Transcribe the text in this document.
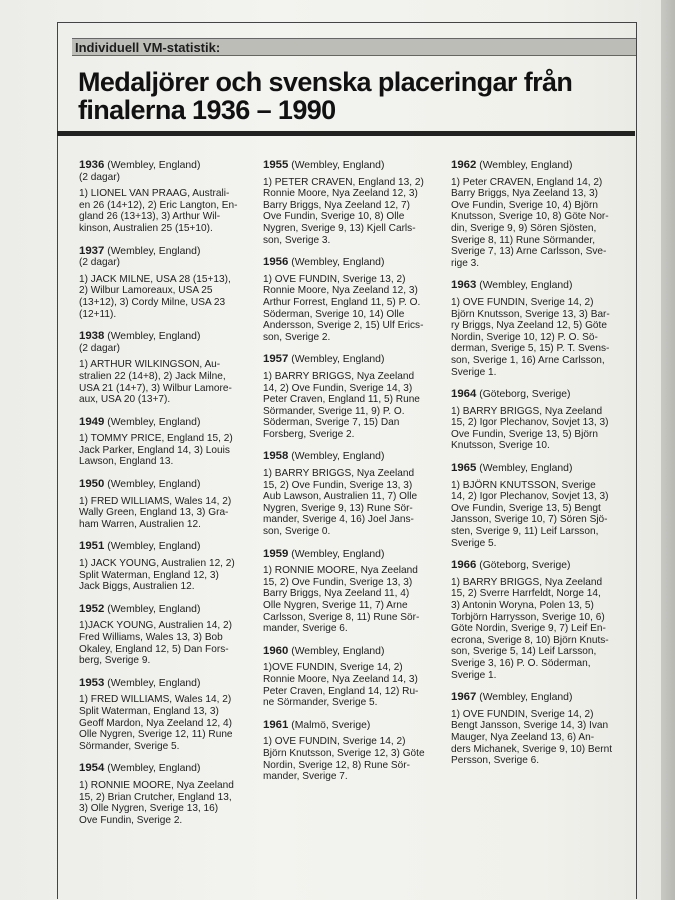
Individuell VM-statistik:
Medaljörer och svenska placeringar från
finalerna 1936 – 1990
1936 (Wembley, England)
(2 dagar)
1) LIONEL VAN PRAAG, Australi-
en 26 (14+12), 2) Eric Langton, En-
gland 26 (13+13), 3) Arthur Wil-
kinson, Australien 25 (15+10).
1937 (Wembley, England)
(2 dagar)
1) JACK MILNE, USA 28 (15+13),
2) Wilbur Lamoreaux, USA 25
(13+12), 3) Cordy Milne, USA 23
(12+11).
1938 (Wembley, England)
(2 dagar)
1) ARTHUR WILKINGSON, Au-
stralien 22 (14+8), 2) Jack Milne,
USA 21 (14+7), 3) Wilbur Lamore-
aux, USA 20 (13+7).
1949 (Wembley, England)
1) TOMMY PRICE, England 15, 2)
Jack Parker, England 14, 3) Louis
Lawson, England 13.
1950 (Wembley, England)
1) FRED WILLIAMS, Wales 14, 2)
Wally Green, England 13, 3) Gra-
ham Warren, Australien 12.
1951 (Wembley, England)
1) JACK YOUNG, Australien 12, 2)
Split Waterman, England 12, 3)
Jack Biggs, Australien 12.
1952 (Wembley, England)
1)JACK YOUNG, Australien 14, 2)
Fred Williams, Wales 13, 3) Bob
Okaley, England 12, 5) Dan Fors-
berg, Sverige 9.
1953 (Wembley, England)
1) FRED WILLIAMS, Wales 14, 2)
Split Waterman, England 13, 3)
Geoff Mardon, Nya Zeeland 12, 4)
Olle Nygren, Sverige 12, 11) Rune
Sörmander, Sverige 5.
1954 (Wembley, England)
1) RONNIE MOORE, Nya Zeeland
15, 2) Brian Crutcher, England 13,
3) Olle Nygren, Sverige 13, 16)
Ove Fundin, Sverige 2.
1955 (Wembley, England)
1) PETER CRAVEN, England 13, 2)
Ronnie Moore, Nya Zeeland 12, 3)
Barry Briggs, Nya Zeeland 12, 7)
Ove Fundin, Sverige 10, 8) Olle
Nygren, Sverige 9, 13) Kjell Carls-
son, Sverige 3.
1956 (Wembley, England)
1) OVE FUNDIN, Sverige 13, 2)
Ronnie Moore, Nya Zeeland 12, 3)
Arthur Forrest, England 11, 5) P. O.
Söderman, Sverige 10, 14) Olle
Andersson, Sverige 2, 15) Ulf Erics-
son, Sverige 2.
1957 (Wembley, England)
1) BARRY BRIGGS, Nya Zeeland
14, 2) Ove Fundin, Sverige 14, 3)
Peter Craven, England 11, 5) Rune
Sörmander, Sverige 11, 9) P. O.
Söderman, Sverige 7, 15) Dan
Forsberg, Sverige 2.
1958 (Wembley, England)
1) BARRY BRIGGS, Nya Zeeland
15, 2) Ove Fundin, Sverige 13, 3)
Aub Lawson, Australien 11, 7) Olle
Nygren, Sverige 9, 13) Rune Sör-
mander, Sverige 4, 16) Joel Jans-
son, Sverige 0.
1959 (Wembley, England)
1) RONNIE MOORE, Nya Zeeland
15, 2) Ove Fundin, Sverige 13, 3)
Barry Briggs, Nya Zeeland 11, 4)
Olle Nygren, Sverige 11, 7) Arne
Carlsson, Sverige 8, 11) Rune Sör-
mander, Sverige 6.
1960 (Wembley, England)
1)OVE FUNDIN, Sverige 14, 2)
Ronnie Moore, Nya Zeeland 14, 3)
Peter Craven, England 14, 12) Ru-
ne Sörmander, Sverige 5.
1961 (Malmö, Sverige)
1) OVE FUNDIN, Sverige 14, 2)
Björn Knutsson, Sverige 12, 3) Göte
Nordin, Sverige 12, 8) Rune Sör-
mander, Sverige 7.
1962 (Wembley, England)
1) Peter CRAVEN, England 14, 2)
Barry Briggs, Nya Zeeland 13, 3)
Ove Fundin, Sverige 10, 4) Björn
Knutsson, Sverige 10, 8) Göte Nor-
din, Sverige 9, 9) Sören Sjösten,
Sverige 8, 11) Rune Sörmander,
Sverige 7, 13) Arne Carlsson, Sve-
rige 3.
1963 (Wembley, England)
1) OVE FUNDIN, Sverige 14, 2)
Björn Knutsson, Sverige 13, 3) Bar-
ry Briggs, Nya Zeeland 12, 5) Göte
Nordin, Sverige 10, 12) P. O. Sö-
derman, Sverige 5, 15) P. T. Svens-
son, Sverige 1, 16) Arne Carlsson,
Sverige 1.
1964 (Göteborg, Sverige)
1) BARRY BRIGGS, Nya Zeeland
15, 2) Igor Plechanov, Sovjet 13, 3)
Ove Fundin, Sverige 13, 5) Björn
Knutsson, Sverige 10.
1965 (Wembley, England)
1) BJÖRN KNUTSSON, Sverige
14, 2) Igor Plechanov, Sovjet 13, 3)
Ove Fundin, Sverige 13, 5) Bengt
Jansson, Sverige 10, 7) Sören Sjö-
sten, Sverige 9, 11) Leif Larsson,
Sverige 5.
1966 (Göteborg, Sverige)
1) BARRY BRIGGS, Nya Zeeland
15, 2) Sverre Harrfeldt, Norge 14,
3) Antonin Woryna, Polen 13, 5)
Torbjörn Harrysson, Sverige 10, 6)
Göte Nordin, Sverige 9, 7) Leif En-
ecrona, Sverige 8, 10) Björn Knuts-
son, Sverige 5, 14) Leif Larsson,
Sverige 3, 16) P. O. Söderman,
Sverige 1.
1967 (Wembley, England)
1) OVE FUNDIN, Sverige 14, 2)
Bengt Jansson, Sverige 14, 3) Ivan
Mauger, Nya Zeeland 13, 6) An-
ders Michanek, Sverige 9, 10) Bernt
Persson, Sverige 6.
